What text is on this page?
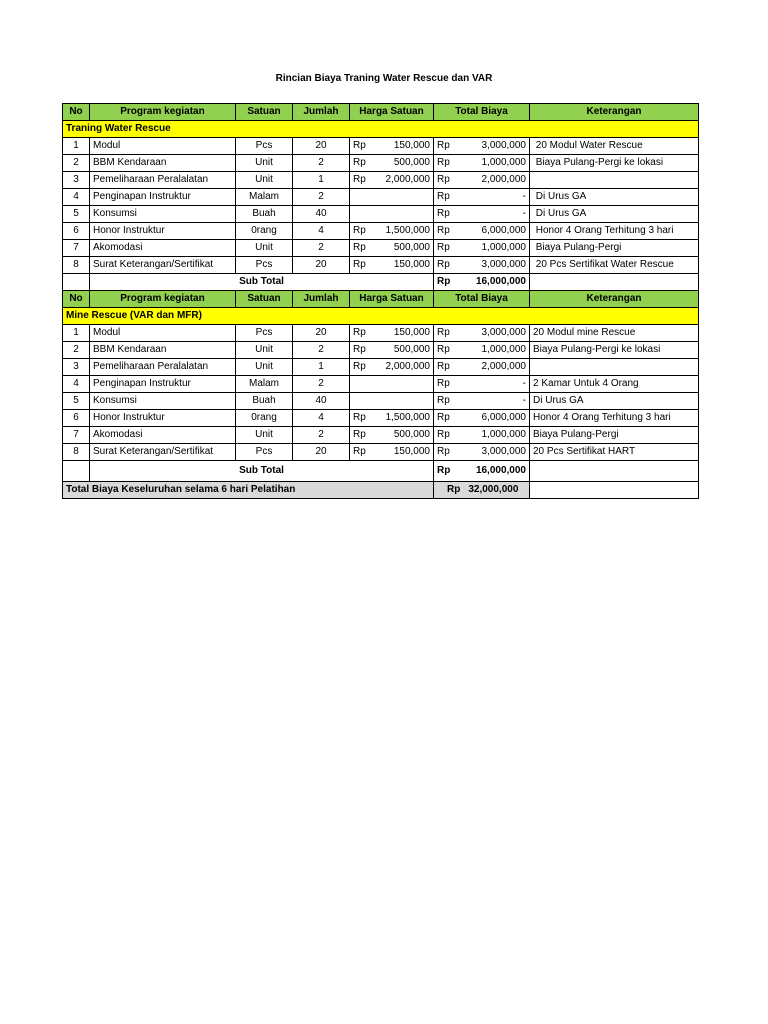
Rincian Biaya Traning Water Rescue dan VAR
No	Program kegiatan	Satuan	Jumlah	Harga Satuan	Total Biaya	Keterangan
Traning Water Rescue						
1	Modul	Pcs	20	Rp 150,000	Rp 3,000,000	20 Modul Water Rescue
2	BBM Kendaraan	Unit	2	Rp 500,000	Rp 1,000,000	Biaya Pulang-Pergi ke lokasi
3	Pemeliharaan Peralalatan	Unit	1	Rp 2,000,000	Rp 2,000,000	

4	Penginapan Instruktur	Malam	2		Rp -	Di Urus GA
5	Konsumsi	Buah	40		Rp -	Di Urus GA
6	Honor Instruktur	0rang	4	Rp 1,500,000	Rp 6,000,000	Honor 4 Orang Terhitung 3 hari
7	Akomodasi	Unit	2	Rp 500,000	Rp 1,000,000	Biaya Pulang-Pergi
8	Surat Keterangan/Sertifikat	Pcs	20	Rp 150,000	Rp 3,000,000	20 Pcs Sertifikat Water Rescue
	Sub Total				Rp 16,000,000	

No	Program kegiatan	Satuan	Jumlah	Harga Satuan	Total Biaya	Keterangan
Mine Rescue (VAR dan MFR)						
1	Modul	Pcs	20	Rp 150,000	Rp 3,000,000	20 Modul mine Rescue
2	BBM Kendaraan	Unit	2	Rp 500,000	Rp 1,000,000	Biaya Pulang-Pergi ke lokasi
3	Pemeliharaan Peralalatan	Unit	1	Rp 2,000,000	Rp 2,000,000	

4	Penginapan Instruktur	Malam	2		Rp -	2 Kamar Untuk 4 Orang
5	Konsumsi	Buah	40		Rp -	Di Urus GA
6	Honor Instruktur	0rang	4	Rp 1,500,000	Rp 6,000,000	Honor 4 Orang Terhitung 3 hari
7	Akomodasi	Unit	2	Rp 500,000	Rp 1,000,000	Biaya Pulang-Pergi
8	Surat Keterangan/Sertifikat	Pcs	20	Rp 150,000	Rp 3,000,000	20 Pcs Sertifikat HART
	Sub Total				Rp 16,000,000	

Total Biaya Keseluruhan selama 6 hari Pelatihan					Rp 32,000,000	
